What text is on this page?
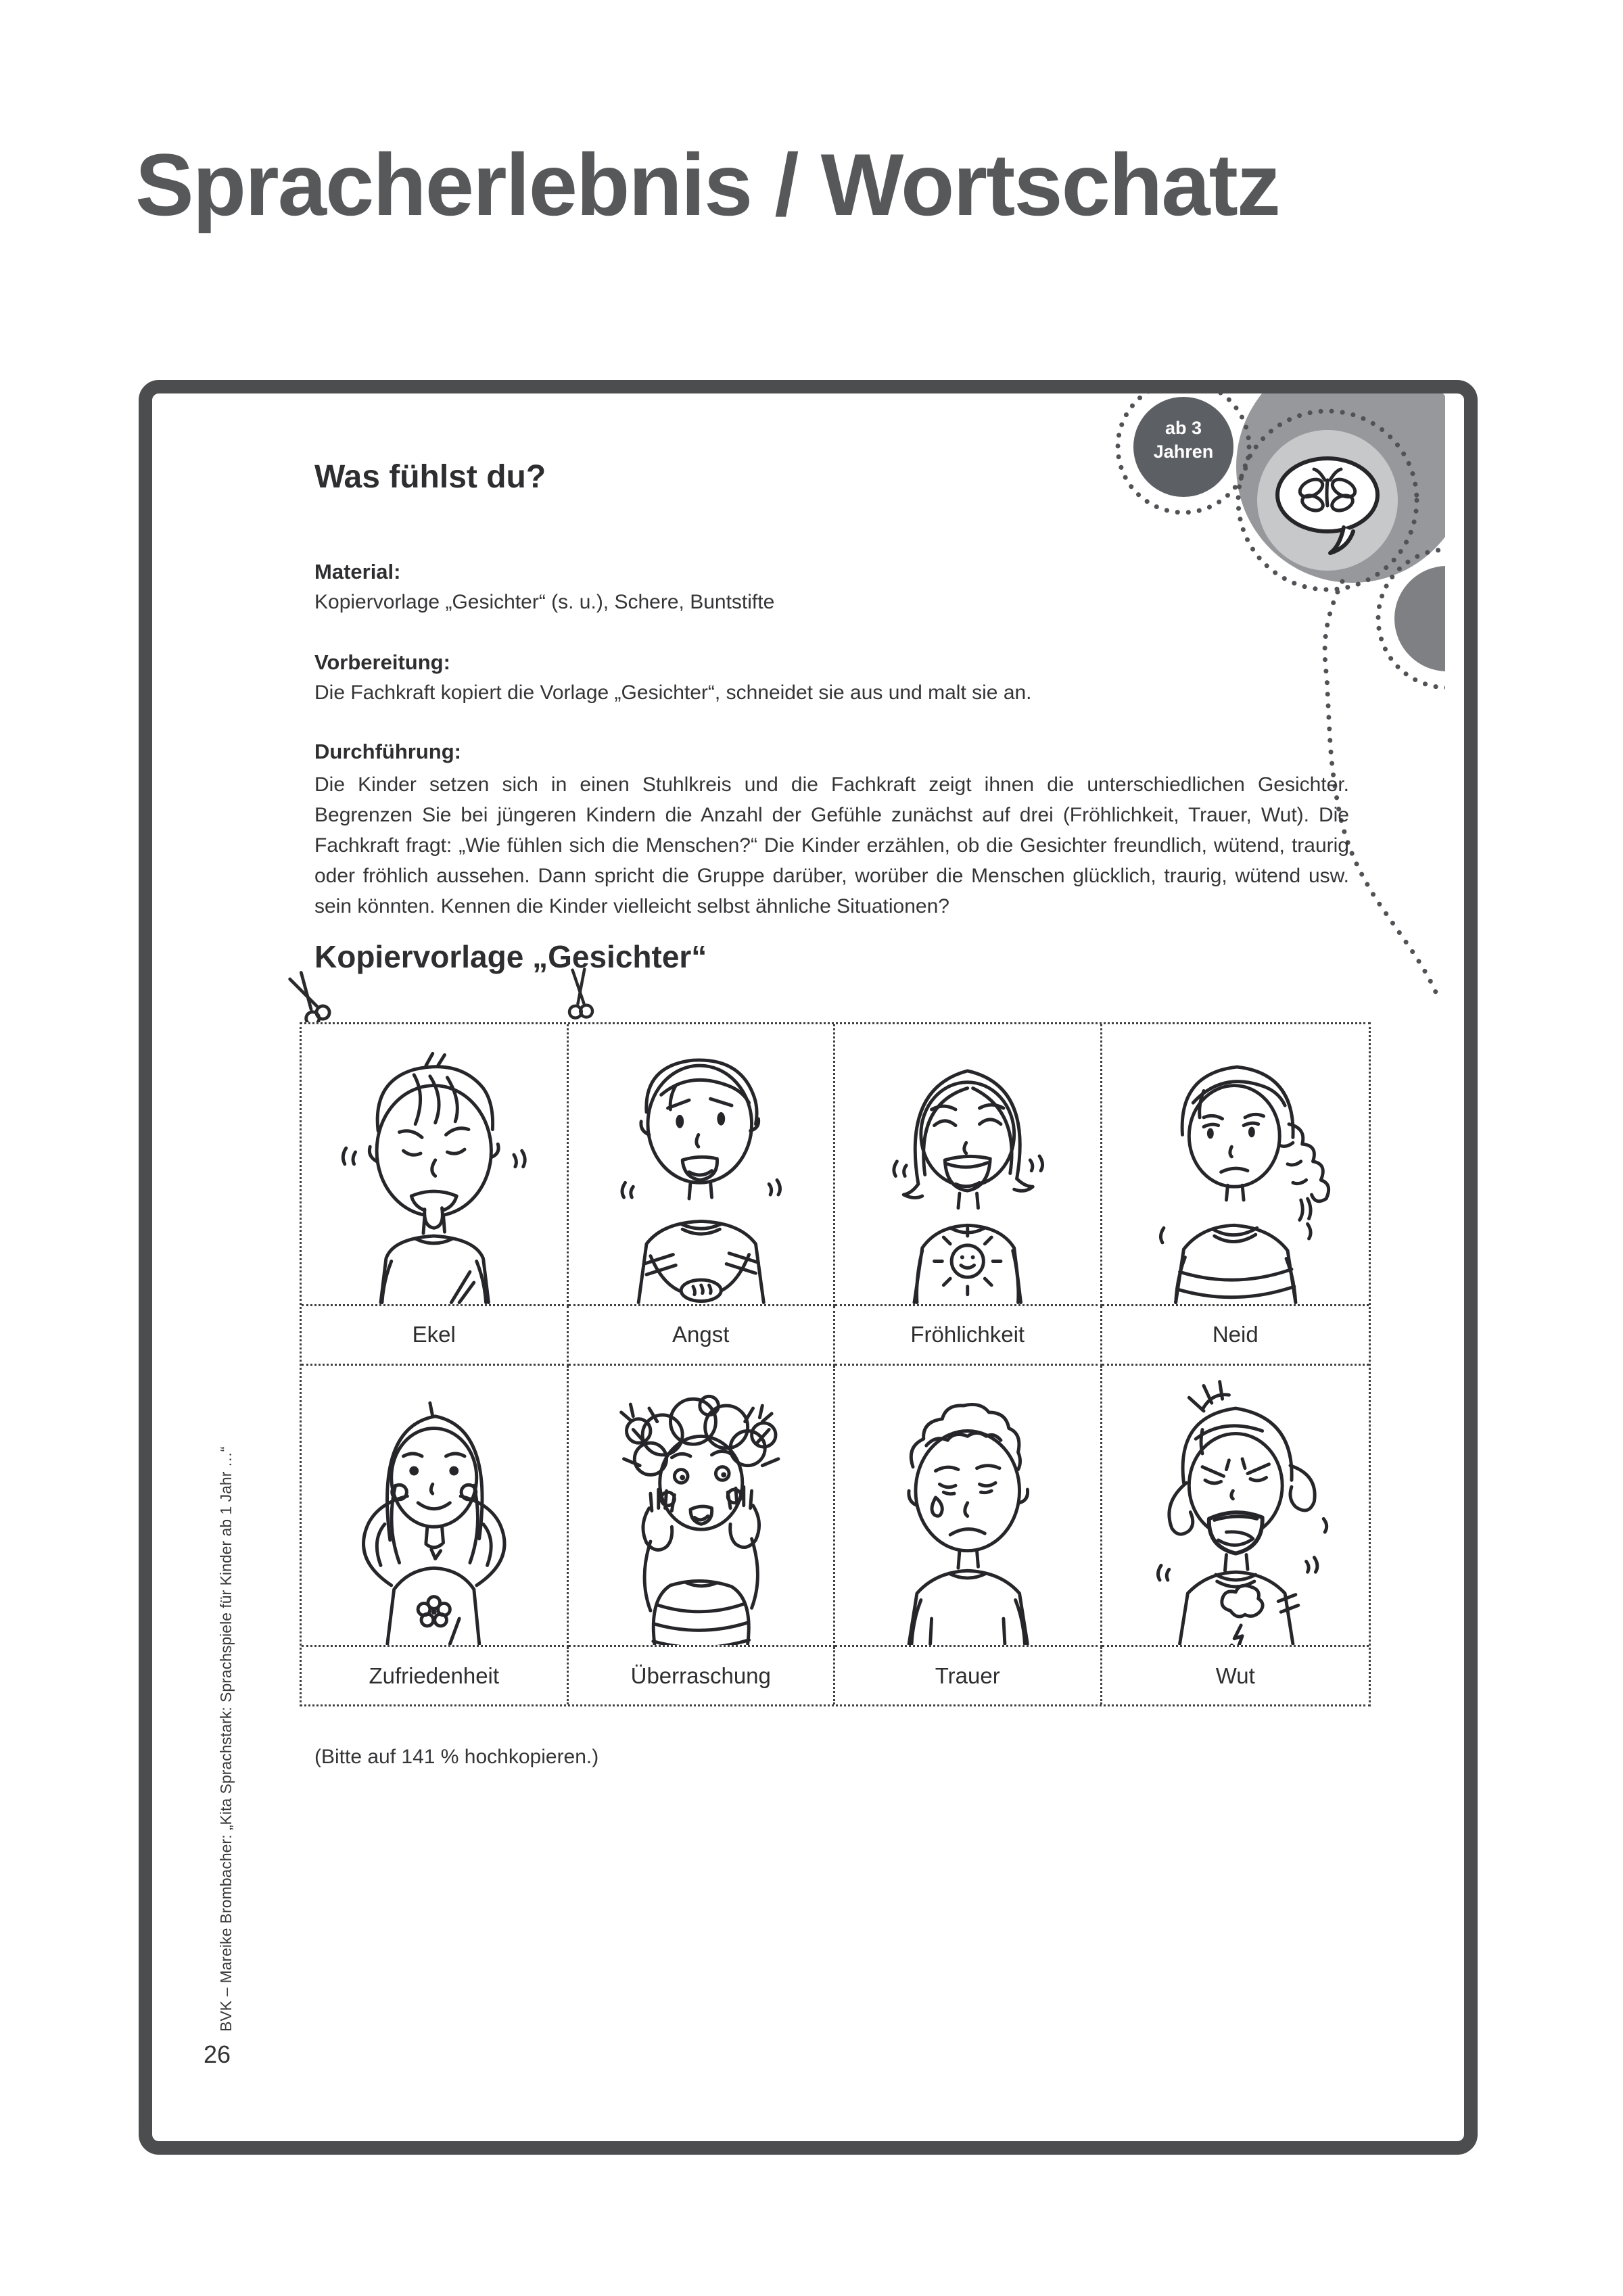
Spracherlebnis / Wortschatz
ab 3
Jahren
Was fühlst du?
Material:
Kopiervorlage „Gesichter“ (s. u.), Schere, Buntstifte
Vorbereitung:
Die Fachkraft kopiert die Vorlage „Gesichter“, schneidet sie aus und malt sie an.
Durchführung:
Die Kinder setzen sich in einen Stuhlkreis und die Fachkraft zeigt ihnen die unterschiedlichen Gesichter. Begrenzen Sie bei jüngeren Kindern die Anzahl der Gefühle zunächst auf drei (Fröhlichkeit, Trauer, Wut). Die Fachkraft fragt: „Wie fühlen sich die Menschen?“ Die Kinder erzählen, ob die Gesichter freundlich, wütend, traurig oder fröhlich aussehen. Dann spricht die Gruppe darüber, worüber die Menschen glücklich, traurig, wütend usw. sein könnten. Kennen die Kinder vielleicht selbst ähnliche Situationen?
Kopiervorlage „Gesichter“
Ekel	Angst	Fröhlichkeit	Neid
Zufriedenheit	Überraschung	Trauer	Wut
(Bitte auf 141 % hochkopieren.)
BVK – Mareike Brombacher: „Kita Sprachstark: Sprachspiele für Kinder ab 1 Jahr …“
26
